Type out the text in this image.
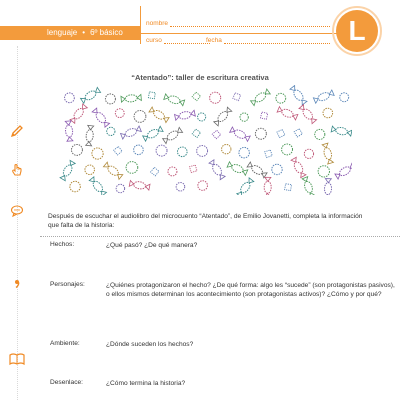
lenguaje • 6º básico
nombre
curso	fecha	L
“Atentado”: taller de escritura creativa
Después de escuchar el audiolibro del microcuento “Atentado”, de Emilio Jovanetti, completa la información que falta de la historia:
Hechos:	¿Qué pasó? ¿De qué manera?
Personajes:	¿Quiénes protagonizaron el hecho? ¿De qué forma: algo les “sucede” (son protagonistas pasivos), o ellos mismos determinan los acontecimiento (son protagonistas activos)? ¿Cómo y por qué?
Ambiente:	¿Dónde suceden los hechos?
Desenlace:	¿Cómo termina la historia?
